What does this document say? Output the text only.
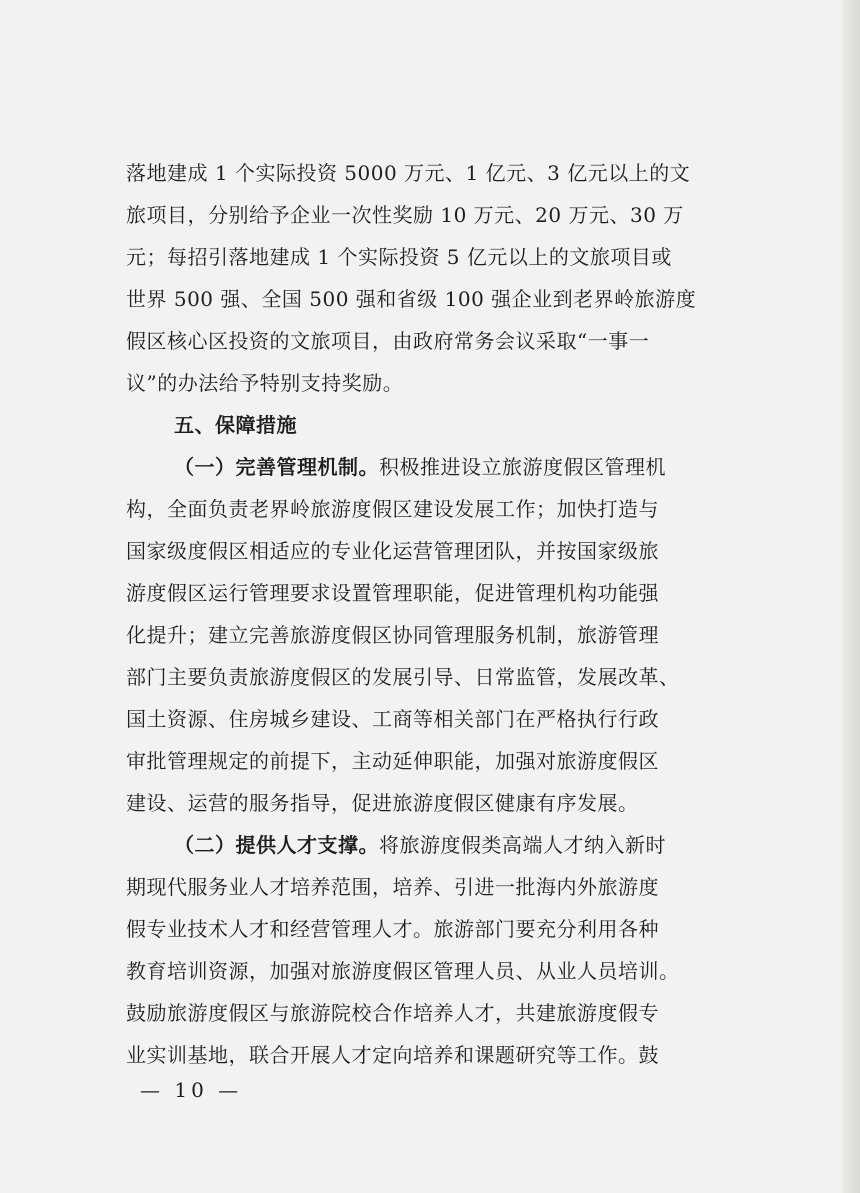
落地建成 1 个实际投资 5000 万元、1 亿元、3 亿元以上的文
旅项目，分别给予企业一次性奖励 10 万元、20 万元、30 万
元；每招引落地建成 1 个实际投资 5 亿元以上的文旅项目或
世界 500 强、全国 500 强和省级 100 强企业到老界岭旅游度
假区核心区投资的文旅项目，由政府常务会议采取“一事一
议”的办法给予特别支持奖励。
五、保障措施
（一）完善管理机制。 积极推进设立旅游度假区管理机
构，全面负责老界岭旅游度假区建设发展工作；加快打造与
国家级度假区相适应的专业化运营管理团队，并按国家级旅
游度假区运行管理要求设置管理职能，促进管理机构功能强
化提升；建立完善旅游度假区协同管理服务机制，旅游管理
部门主要负责旅游度假区的发展引导、日常监管，发展改革、
国土资源、住房城乡建设、工商等相关部门在严格执行行政
审批管理规定的前提下，主动延伸职能，加强对旅游度假区
建设、运营的服务指导，促进旅游度假区健康有序发展。
（二）提供人才支撑。 将旅游度假类高端人才纳入新时
期现代服务业人才培养范围，培养、引进一批海内外旅游度
假专业技术人才和经营管理人才。旅游部门要充分利用各种
教育培训资源，加强对旅游度假区管理人员、从业人员培训。
鼓励旅游度假区与旅游院校合作培养人才，共建旅游度假专
业实训基地，联合开展人才定向培养和课题研究等工作。鼓
— 10 —
